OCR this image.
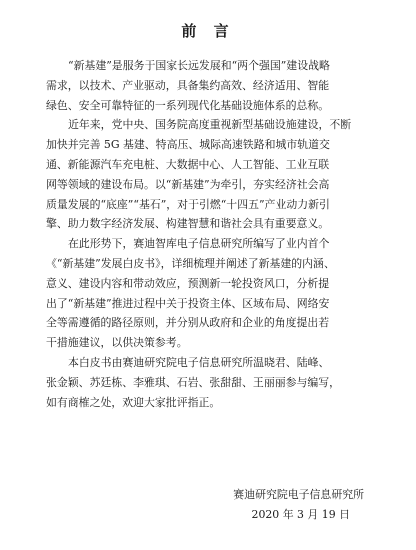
前 言
“新基建”是服务于国家长远发展和“两个强国”建设战略
需求，以技术、产业驱动，具备集约高效、经济适用、智能
绿色、安全可靠特征的一系列现代化基础设施体系的总称。
近年来，党中央、国务院高度重视新型基础设施建设，不断
加快并完善 5G 基建、特高压、城际高速铁路和城市轨道交
通、新能源汽车充电桩、大数据中心、人工智能、工业互联
网等领域的建设布局。以“新基建”为牵引，夯实经济社会高
质量发展的“底座”“基石”，对于引燃“十四五”产业动力新引
擎、助力数字经济发展、构建智慧和谐社会具有重要意义。
在此形势下，赛迪智库电子信息研究所编写了业内首个
《“新基建”发展白皮书》，详细梳理并阐述了新基建的内涵、
意义、建设内容和带动效应，预测新一轮投资风口，分析提
出了“新基建”推进过程中关于投资主体、区域布局、网络安
全等需遵循的路径原则，并分别从政府和企业的角度提出若
干措施建议，以供决策参考。
本白皮书由赛迪研究院电子信息研究所温晓君、陆峰、
张金颖、苏廷栋、李雅琪、石岩、张甜甜、王丽丽参与编写，
如有商榷之处，欢迎大家批评指正。
赛迪研究院电子信息研究所
2020 年 3 月 19 日
